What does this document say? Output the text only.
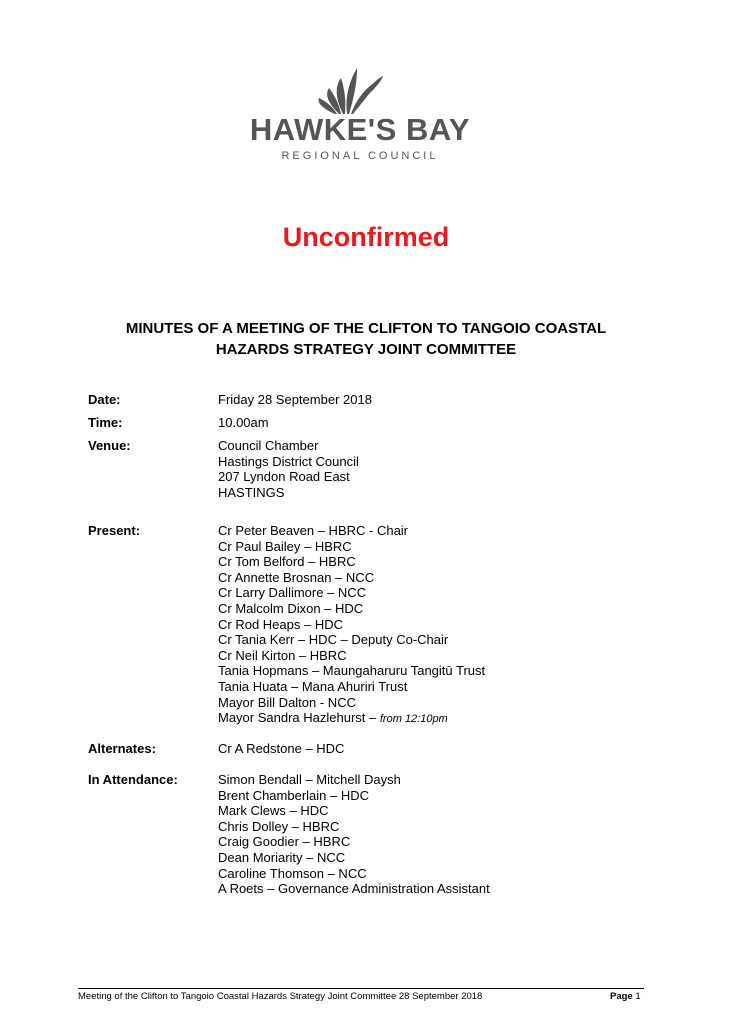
HAWKE'S BAY
REGIONAL COUNCIL
Unconfirmed
MINUTES OF A MEETING OF THE CLIFTON TO TANGOIO COASTAL
HAZARDS STRATEGY JOINT COMMITTEE
Date:	Friday 28 September 2018
Time:	10.00am
Venue:	Council Chamber
Hastings District Council
207 Lyndon Road East
HASTINGS
Present:	Cr Peter Beaven – HBRC - Chair
Cr Paul Bailey – HBRC
Cr Tom Belford – HBRC
Cr Annette Brosnan – NCC
Cr Larry Dallimore – NCC
Cr Malcolm Dixon – HDC
Cr Rod Heaps – HDC
Cr Tania Kerr – HDC – Deputy Co-Chair
Cr Neil Kirton – HBRC
Tania Hopmans – Maungaharuru Tangitū Trust
Tania Huata – Mana Ahuriri Trust
Mayor Bill Dalton - NCC
Mayor Sandra Hazlehurst – from 12:10pm
Alternates:	Cr A Redstone – HDC
In Attendance:	Simon Bendall – Mitchell Daysh
Brent Chamberlain – HDC
Mark Clews – HDC
Chris Dolley – HBRC
Craig Goodier – HBRC
Dean Moriarity – NCC
Caroline Thomson – NCC
A Roets – Governance Administration Assistant
Meeting of the Clifton to Tangoio Coastal Hazards Strategy Joint Committee 28 September 2018	Page 1
